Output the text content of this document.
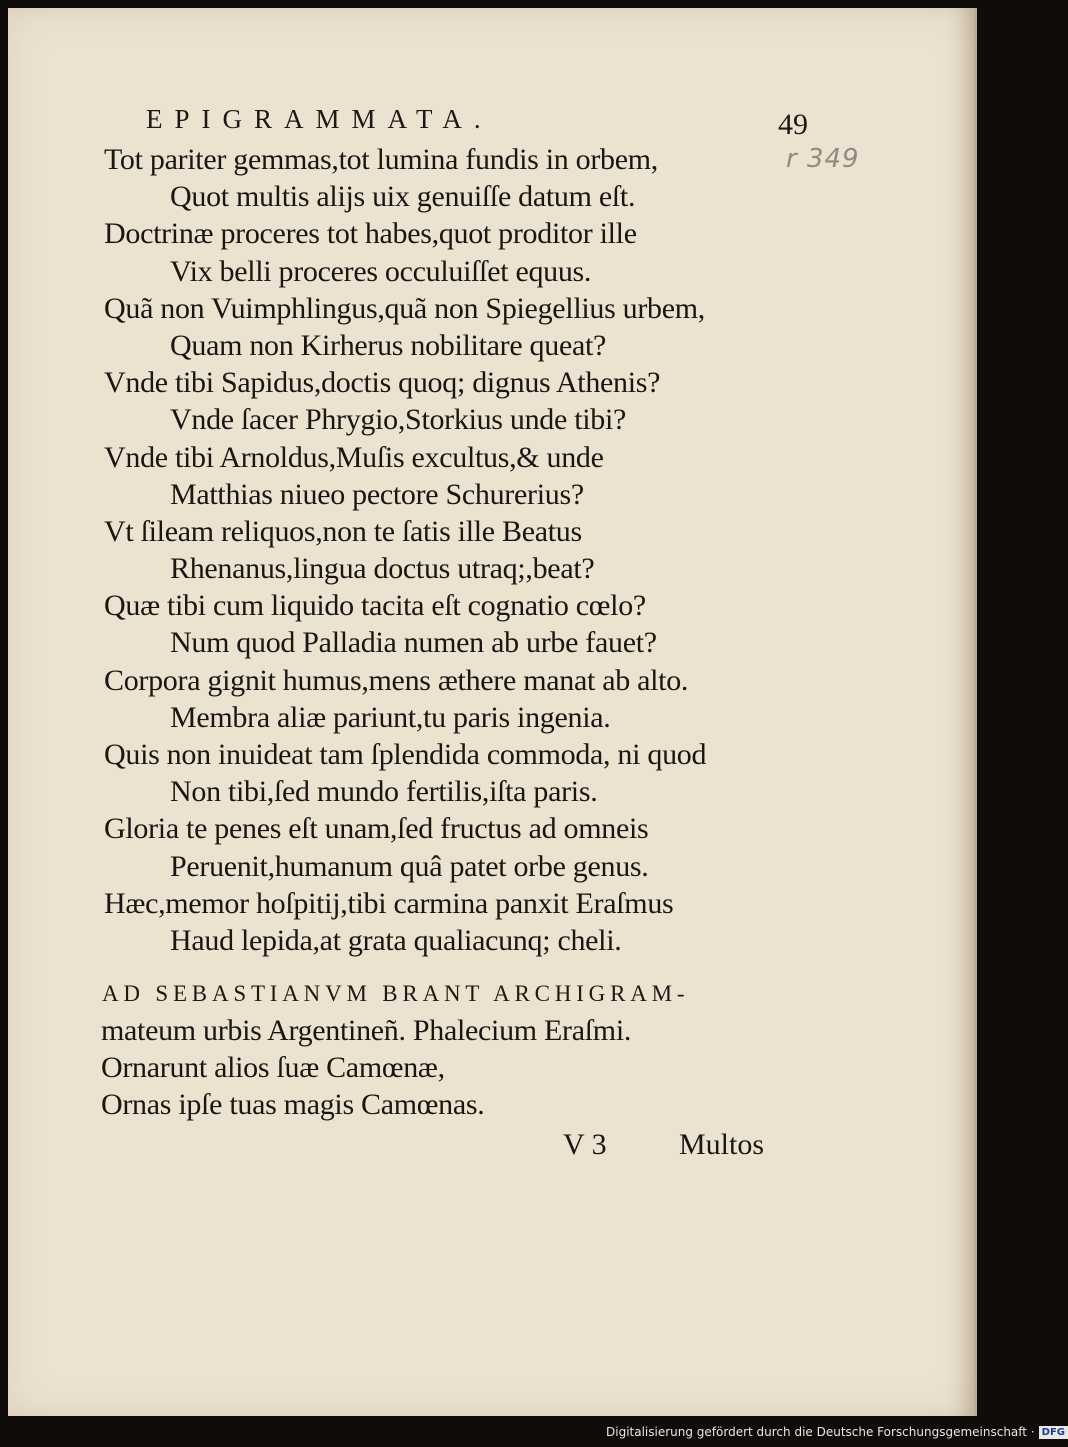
EPIGRAMMATA.	49
r 349
Tot pariter gemmas,tot lumina fundis in orbem,
Quot multis alijs uix genuiſſe datum eſt.
Doctrinæ proceres tot habes,quot proditor ille
Vix belli proceres occuluiſſet equus.
Quã non Vuimphlingus,quã non Spiegellius urbem,
Quam non Kirherus nobilitare queat?
Vnde tibi Sapidus,doctis quoq; dignus Athenis?
Vnde ſacer Phrygio,Storkius unde tibi?
Vnde tibi Arnoldus,Muſis excultus,& unde
Matthias niueo pectore Schurerius?
Vt ſileam reliquos,non te ſatis ille Beatus
Rhenanus,lingua doctus utraq;,beat?
Quæ tibi cum liquido tacita eſt cognatio cœlo?
Num quod Palladia numen ab urbe fauet?
Corpora gignit humus,mens æthere manat ab alto.
Membra aliæ pariunt,tu paris ingenia.
Quis non inuideat tam ſplendida commoda, ni quod
Non tibi,ſed mundo fertilis,iſta paris.
Gloria te penes eſt unam,ſed fructus ad omneis
Peruenit,humanum quâ patet orbe genus.
Hæc,memor hoſpitij,tibi carmina panxit Eraſmus
Haud lepida,at grata qualiacunq; cheli.
AD SEBASTIANVM BRANT ARCHIGRAM-
mateum urbis Argentineñ. Phalecium Eraſmi.
Ornarunt alios ſuæ Camœnæ,
Ornas ipſe tuas magis Camœnas.
V 3 Multos
Digitalisierung gefördert durch die Deutsche Forschungsgemeinschaft · DFG
